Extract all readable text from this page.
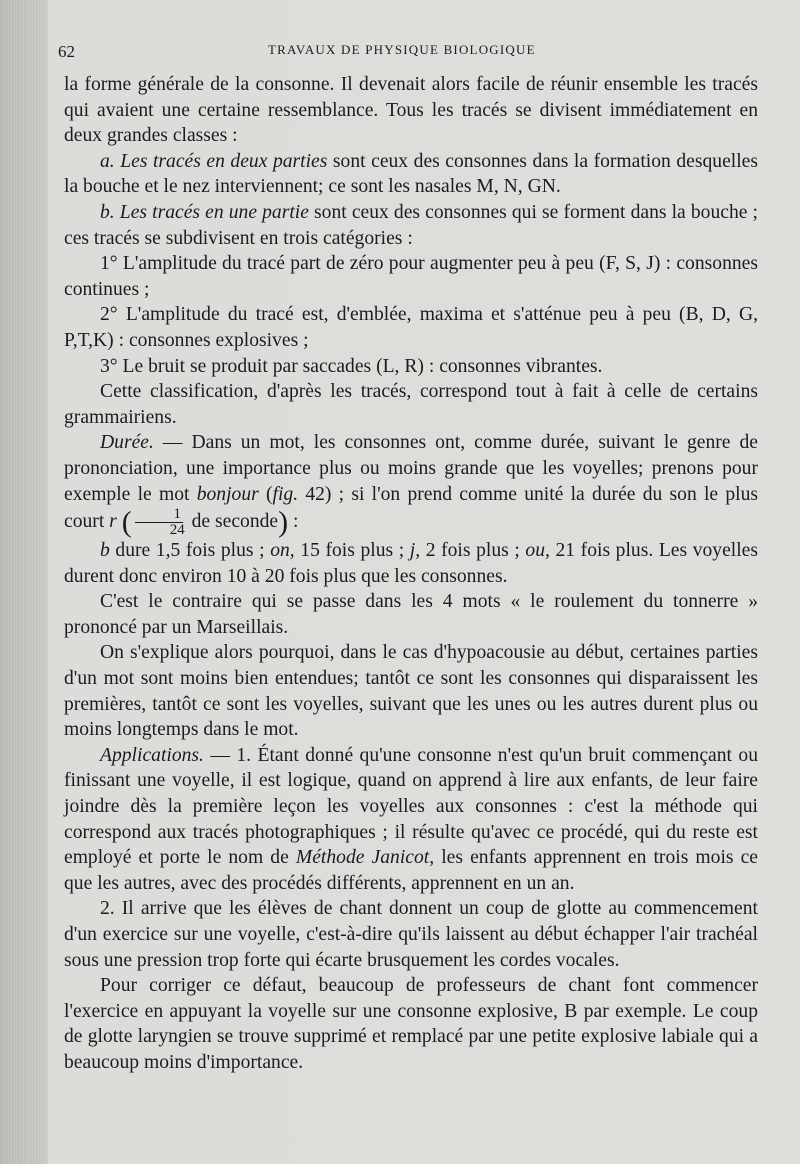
62	TRAVAUX DE PHYSIQUE BIOLOGIQUE

la forme générale de la consonne. Il devenait alors facile de réunir ensemble les tracés qui avaient une certaine ressemblance. Tous les tracés se divisent immédiatement en deux grandes classes :

a. Les tracés en deux parties sont ceux des consonnes dans la formation desquelles la bouche et le nez interviennent; ce sont les nasales M, N, GN.

b. Les tracés en une partie sont ceux des consonnes qui se forment dans la bouche ; ces tracés se subdivisent en trois catégories :

1° L'amplitude du tracé part de zéro pour augmenter peu à peu (F, S, J) : consonnes continues ;

2° L'amplitude du tracé est, d'emblée, maxima et s'atténue peu à peu (B, D, G, P,T,K) : consonnes explosives ;

3° Le bruit se produit par saccades (L, R) : consonnes vibrantes.

Cette classification, d'après les tracés, correspond tout à fait à celle de certains grammairiens.

Durée. — Dans un mot, les consonnes ont, comme durée, suivant le genre de prononciation, une importance plus ou moins grande que les voyelles; prenons pour exemple le mot bonjour (fig. 42) ; si l'on prend comme unité la durée du son le plus court r ( $\frac{1}{24}$ de seconde) :

b dure 1,5 fois plus ; on, 15 fois plus ; j, 2 fois plus ; ou, 21 fois plus. Les voyelles durent donc environ 10 à 20 fois plus que les consonnes.

C'est le contraire qui se passe dans les 4 mots « le roulement du tonnerre » prononcé par un Marseillais.

On s'explique alors pourquoi, dans le cas d'hypoacousie au début, certaines parties d'un mot sont moins bien entendues; tantôt ce sont les consonnes qui disparaissent les premières, tantôt ce sont les voyelles, suivant que les unes ou les autres durent plus ou moins longtemps dans le mot.

Applications. — 1. Étant donné qu'une consonne n'est qu'un bruit commençant ou finissant une voyelle, il est logique, quand on apprend à lire aux enfants, de leur faire joindre dès la première leçon les voyelles aux consonnes : c'est la méthode qui correspond aux tracés photographiques ; il résulte qu'avec ce procédé, qui du reste est employé et porte le nom de Méthode Janicot, les enfants apprennent en trois mois ce que les autres, avec des procédés différents, apprennent en un an.

2. Il arrive que les élèves de chant donnent un coup de glotte au commencement d'un exercice sur une voyelle, c'est-à-dire qu'ils laissent au début échapper l'air trachéal sous une pression trop forte qui écarte brusquement les cordes vocales.

Pour corriger ce défaut, beaucoup de professeurs de chant font commencer l'exercice en appuyant la voyelle sur une consonne explosive, B par exemple. Le coup de glotte laryngien se trouve supprimé et remplacé par une petite explosive labiale qui a beaucoup moins d'importance.
